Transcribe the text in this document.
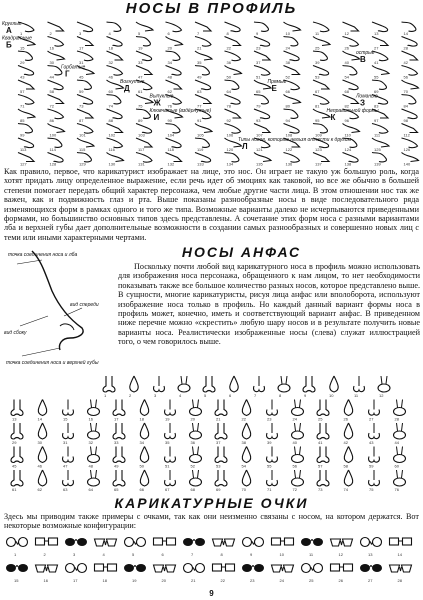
НОСЫ В ПРОФИЛЬ
1	2	3	4	5	6	7	8	9	10	11	12	13	14
15	16	17	18	19	20	21	22	23	24	25	26	27	28
29	30	31	32	33	34	35	36	37	38	39	40	41	42
43	44	45	46	47	48	49	50	51	52	53	54	55	56
57	58	59	60	61	62	63	64	65	66	67	68	69	70
71	72	73	74	75	76	77	78	79	80	81	82	83	84
85	86	87	88	89	90	91	92	93	94	95	96	97	98
99	100	101	102	103	104	105	106	107	108	109	110	111	112
113	114	115	116	117	118	119	120	121	122	123	124	125	126
127	128	129	130	131	132	133	134	135	136	137	138	139	140
Круглые
А
Квадратные
Б
острые
В
Горбатые
Г
Вогнутые
Д
Прямые
Е
Выпуклые
Ж
Ломаные
З
Клювчатые (вздёрнутые)
И
Неправильной формы
К
Типы носов, которые нельзя отнести к другим
Л
Как правило, первое, что карикатурист изображает на лице, это нос. Он играет не такую уж большую роль, когда хотят придать лицу определенное выражение, если речь идет об эмоциях как таковой, но все же обычно в большей степени помогает передать общий характер персонажа, чем любые другие части лица. В этом отношении нос так же важен, как и подвижность глаз и рта. Выше показаны разнообразные носы в виде последовательного ряда изменяющихся форм в рамках одного и того же типа. Возможные варианты далеко не исчерпываются приведенными формами, но большинство основных типов здесь представлены. А сочетание этих форм носа с разными вариантами лба и верхней губы дает дополнительные возможности в создании самых разнообразных и совершенно новых лиц с теми или иными характерными чертами.
НОСЫ АНФАС
точка соединения носа и лба
вид сбоку
вид спереди
точка соединения носа и верхней губы
Поскольку почти любой вид карикатурного носа в профиль можно использовать для изображения носа персонажа, обращенного к нам лицом, то нет необходимости показывать также все большое количество разных носов, которое представлено выше. В сущности, многие карикатуристы, рисуя лица анфас или вполоборота, используют изображение носа только в профиль. Но каждый данный вариант формы носа в профиль может, конечно, иметь и соответствующий вариант анфас. В приведенном ниже перечне можно «скрестить» любую шару носов и в результате получить новые варианты носа. Реалистически изображенные носы (слева) служат иллюстрацией того, о чем говорилось выше.
1	2	3	4	5	6	7	8	9	10	11	12
13	14	15	16	17	18	19	20	21	22	23	24	25	26	27	28
29	30	31	32	33	34	35	36	37	38	39	40	41	42	43	44
45	46	47	48	49	50	51	52	53	54	55	56	57	58	59	60
61	62	63	64	65	66	67	68	69	70	71	72	73	74	75	76
КАРИКАТУРНЫЕ ОЧКИ
Здесь мы приводим также примеры с очками, так как они неизменно связаны с носом, на котором держатся. Вот некоторые возможные конфигурации:
1	2	3	4	5	6	7	8	9	10	11	12	13	14
15	16	17	18	19	20	21	22	23	24	25	26	27	28
9
